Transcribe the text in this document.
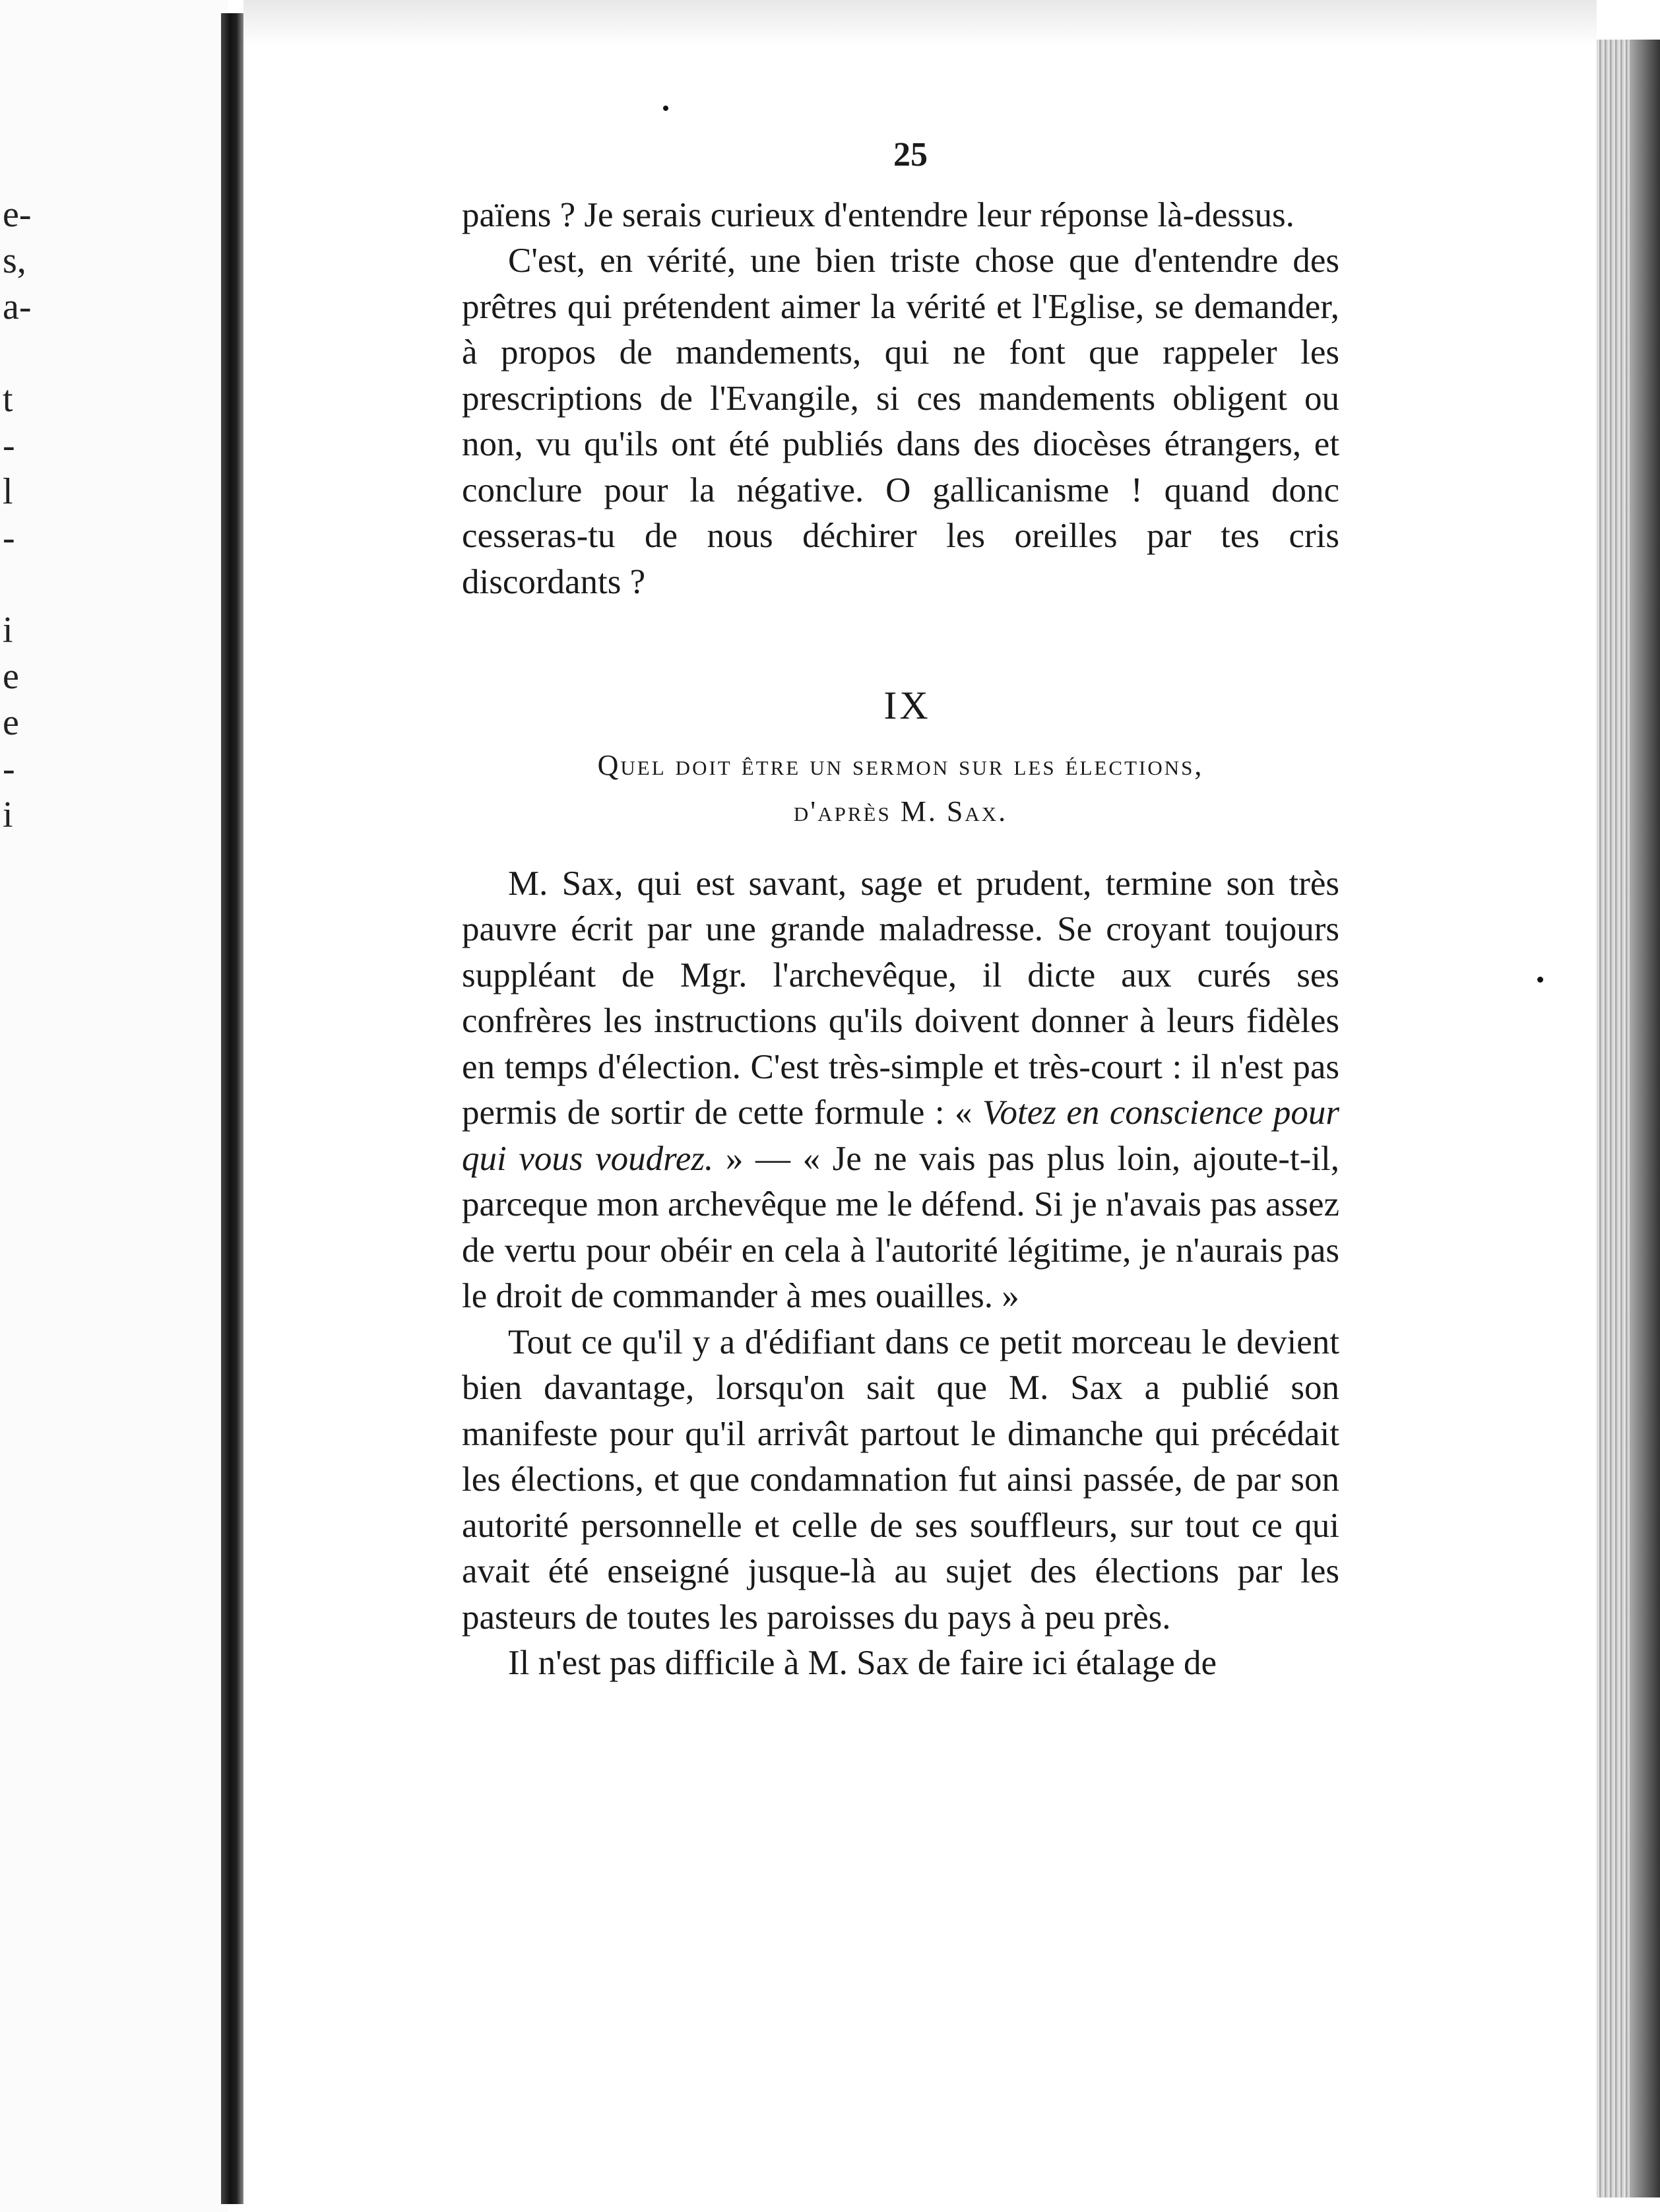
e-
s,
a-
t
-
l
-
i
e
e
-
i
25

païens ? Je serais curieux d'entendre leur réponse là-dessus.

C'est, en vérité, une bien triste chose que d'entendre des prêtres qui prétendent aimer la vérité et l'Eglise, se demander, à propos de mandements, qui ne font que rappeler les prescriptions de l'Evangile, si ces mandements obligent ou non, vu qu'ils ont été publiés dans des diocèses étrangers, et conclure pour la négative. O gallicanisme ! quand donc cesseras-tu de nous déchirer les oreilles par tes cris discordants ?

IX
Quel doit être un sermon sur les élections,
d'après M. Sax.

M. Sax, qui est savant, sage et prudent, termine son très pauvre écrit par une grande maladresse. Se croyant toujours suppléant de Mgr. l'archevêque, il dicte aux curés ses confrères les instructions qu'ils doivent donner à leurs fidèles en temps d'élection. C'est très-simple et très-court : il n'est pas permis de sortir de cette formule : « Votez en conscience pour qui vous voudrez. » — « Je ne vais pas plus loin, ajoute-t-il, parceque mon archevêque me le défend. Si je n'avais pas assez de vertu pour obéir en cela à l'autorité légitime, je n'aurais pas le droit de commander à mes ouailles. »

Tout ce qu'il y a d'édifiant dans ce petit morceau le devient bien davantage, lorsqu'on sait que M. Sax a publié son manifeste pour qu'il arrivât partout le dimanche qui précédait les élections, et que condamnation fut ainsi passée, de par son autorité personnelle et celle de ses souffleurs, sur tout ce qui avait été enseigné jusque-là au sujet des élections par les pasteurs de toutes les paroisses du pays à peu près.

Il n'est pas difficile à M. Sax de faire ici étalage de
